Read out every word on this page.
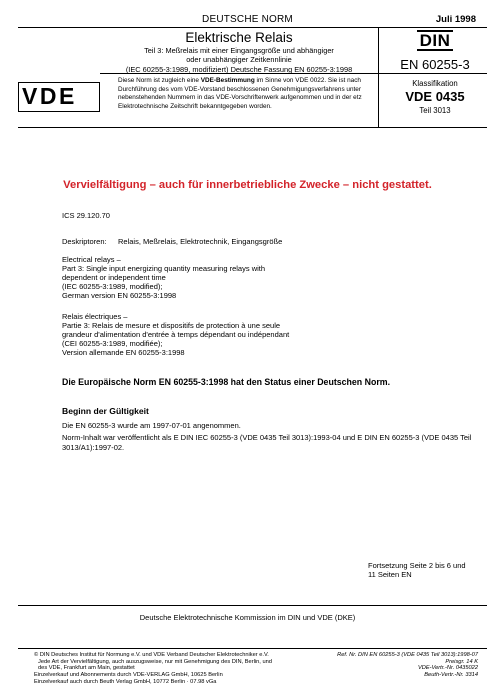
DEUTSCHE NORM	Juli 1998
Elektrische Relais
Teil 3: Meßrelais mit einer Eingangsgröße und abhängiger
oder unabhängiger Zeitkennlinie
(IEC 60255-3:1989, modifiziert) Deutsche Fassung EN 60255-3:1998
DIN
EN 60255-3
VDE
Diese Norm ist zugleich eine VDE-Bestimmung im Sinne von VDE 0022. Sie ist nach Durchführung des vom VDE-Vorstand beschlossenen Genehmigungsverfahrens unter nebenstehenden Nummern in das VDE-Vorschriftenwerk aufgenommen und in der etz Elektrotechnische Zeitschrift bekanntgegeben worden.
Klassifikation
VDE 0435
Teil 3013
Vervielfältigung – auch für innerbetriebliche Zwecke – nicht gestattet.
ICS 29.120.70
Deskriptoren: Relais, Meßrelais, Elektrotechnik, Eingangsgröße
Electrical relays –
Part 3: Single input energizing quantity measuring relays with
dependent or independent time
(IEC 60255-3:1989, modified);
German version EN 60255-3:1998
Relais électriques –
Partie 3: Relais de mesure et dispositifs de protection à une seule
grandeur d'alimentation d'entrée à temps dépendant ou indépendant
(CEI 60255-3:1989, modifiée);
Version allemande EN 60255-3:1998
Die Europäische Norm EN 60255-3:1998 hat den Status einer Deutschen Norm.
Beginn der Gültigkeit
Die EN 60255-3 wurde am 1997-07-01 angenommen.
Norm-Inhalt war veröffentlicht als E DIN IEC 60255-3 (VDE 0435 Teil 3013):1993-04 und E DIN EN 60255-3 (VDE 0435 Teil 3013/A1):1997-02.
Fortsetzung Seite 2 bis 6 und
11 Seiten EN
Deutsche Elektrotechnische Kommission im DIN und VDE (DKE)
© DIN Deutsches Institut für Normung e.V. und VDE Verband Deutscher Elektrotechniker e.V.
Jede Art der Vervielfältigung, auch auszugsweise, nur mit Genehmigung des DIN, Berlin, und
des VDE, Frankfurt am Main, gestattet
Einzelverkauf und Abonnements durch VDE-VERLAG GmbH, 10625 Berlin
Einzelverkauf auch durch Beuth Verlag GmbH, 10772 Berlin · 07.98 vGa
Ref. Nr. DIN EN 60255-3 (VDE 0435 Teil 3013):1998-07
Preisgr. 14 K
VDE-Vertr.-Nr. 0435022
Beuth-Vertr.-Nr. 3314
